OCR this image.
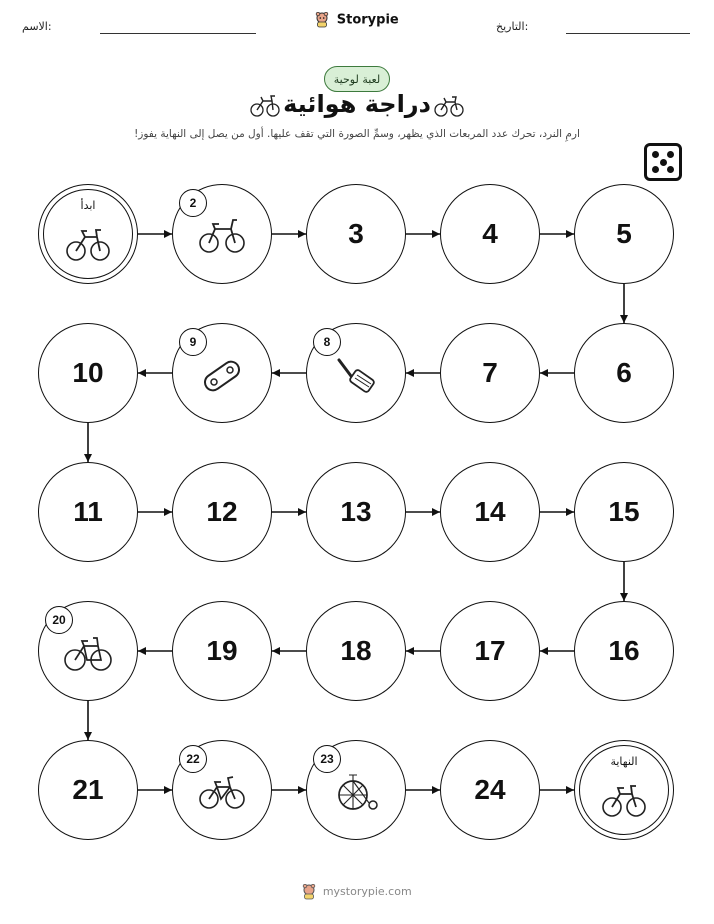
الاسم:	Storypie	التاريخ:
لعبة لوحية
دراجة هوائية
ارمِ النرد، تحرك عدد المربعات الذي يظهر، وسمِّ الصورة التي تقف عليها. أول من يصل إلى النهاية يفوز!
ابدأ	2
3	4	5
6
7
8
9
10
11	12	13	14	15
16
17
18
19
20
21
22	23
24
النهاية
mystorypie.com
